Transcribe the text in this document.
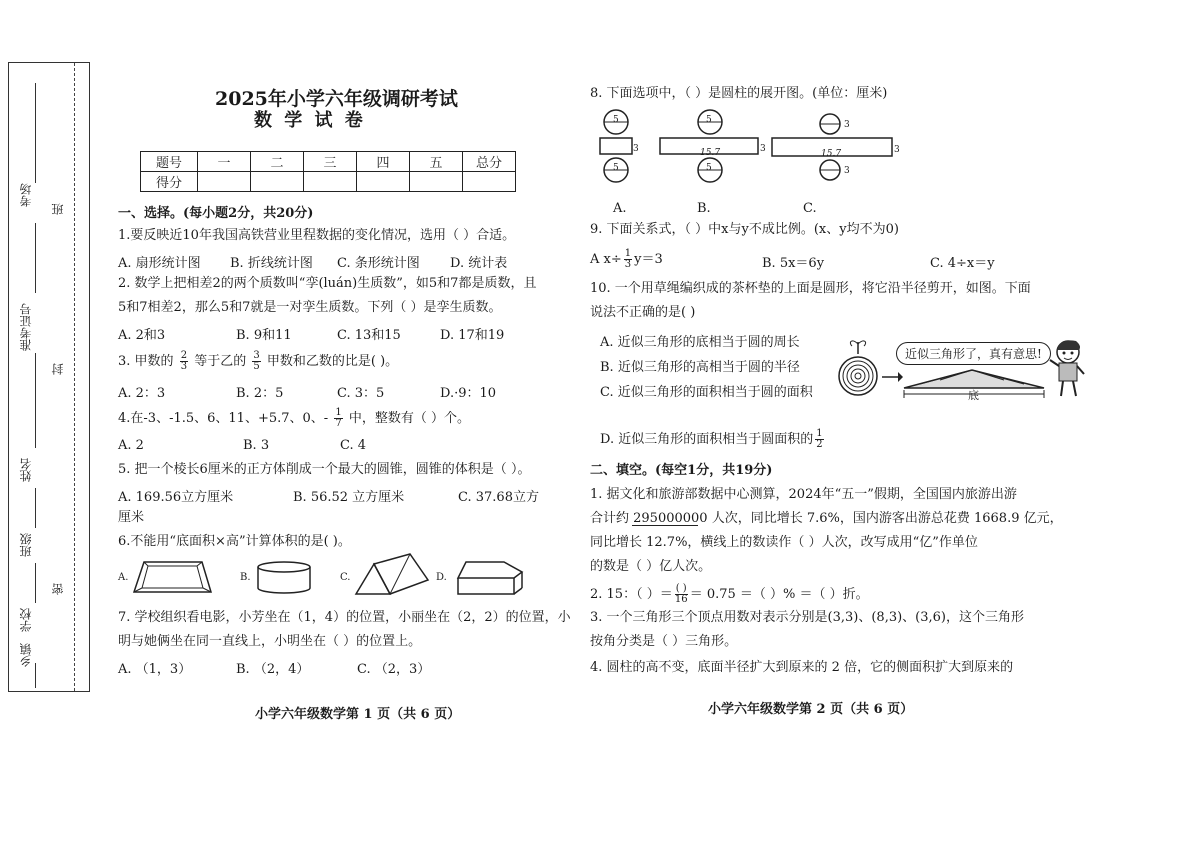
考场
班
准考证号
封
姓名
班级
密
学校
乡镇
2025年小学六年级调研考试
数 学 试 卷
题号	一	二	三	四	五	总分
得分						
一、选择。(每小题2分，共20分)
1.要反映近10年我国高铁营业里程数据的变化情况，选用（ ）合适。
A. 扇形统计图 B. 折线统计图 C. 条形统计图 D. 统计表
2. 数学上把相差2的两个质数叫“孪(luán)生质数”，如5和7都是质数，且
5和7相差2，那么5和7就是一对孪生质数。下列（ ）是孪生质数。
A. 2和3	B. 9和11	C. 13和15	D. 17和19
3. 甲数的 $\frac{2}{3}$ 等于乙的 $\frac{3}{5}$ 甲数和乙数的比是( )。
A. 2：3	B. 2：5	C. 3：5	D.·9：10
4.在-3、-1.5、6、11、+5.7、0、- $\frac{1}{7}$ 中，整数有（ ）个。
A. 2	B. 3	C. 4
5. 把一个棱长6厘米的正方体削成一个最大的圆锥，圆锥的体积是（ ）。
A. 169.56立方厘米	B. 56.52 立方厘米	C. 37.68立方
厘米
6.不能用“底面积×高”计算体积的是( )。
A.	B.	C.	D.
7. 学校组织看电影，小芳坐在（1，4）的位置，小丽坐在（2，2）的位置，小
明与她俩坐在同一直线上，小明坐在（ ）的位置上。
A. （1，3）	B. （2，4）	C. （2，3）
小学六年级数学第 1 页（共 6 页）
8. 下面选项中，（ ）是圆柱的展开图。(单位：厘米)
5
3
5
5
15.7	3
5
3
15.7	3
3
A.	B.	C.
9. 下面关系式，（ ）中x与y不成比例。(x、y均不为0)
A $x\div \frac{1}{3} y=3$	B. 5x＝6y	C. 4÷x＝y
10. 一个用草绳编织成的茶杯垫的上面是圆形，将它沿半径剪开，如图。下面
说法不正确的是( )
A. 近似三角形的底相当于圆的周长
B. 近似三角形的高相当于圆的半径
C. 近似三角形的面积相当于圆的面积
D. 近似三角形的面积相当于圆面积的 $\frac{1}{2}$
底
近似三角形了，真有意思!
二、填空。(每空1分，共19分)
1. 据文化和旅游部数据中心测算，2024年“五一”假期，全国国内旅游出游
合计约 295000000 人次，同比增长 7.6%，国内游客出游总花费 1668.9 亿元，
同比增长 12.7%，横线上的数读作（ ）人次，改写成用“亿”作单位
的数是（ ）亿人次。
2. 15：（ ）＝ $\frac{( )}{16} = 0.75$ ＝（ ）% ＝（ ）折。
3. 一个三角形三个顶点用数对表示分别是(3,3)、(8,3)、(3,6)，这个三角形
按角分类是（ ）三角形。
4. 圆柱的高不变，底面半径扩大到原来的 2 倍，它的侧面积扩大到原来的
小学六年级数学第 2 页（共 6 页）
